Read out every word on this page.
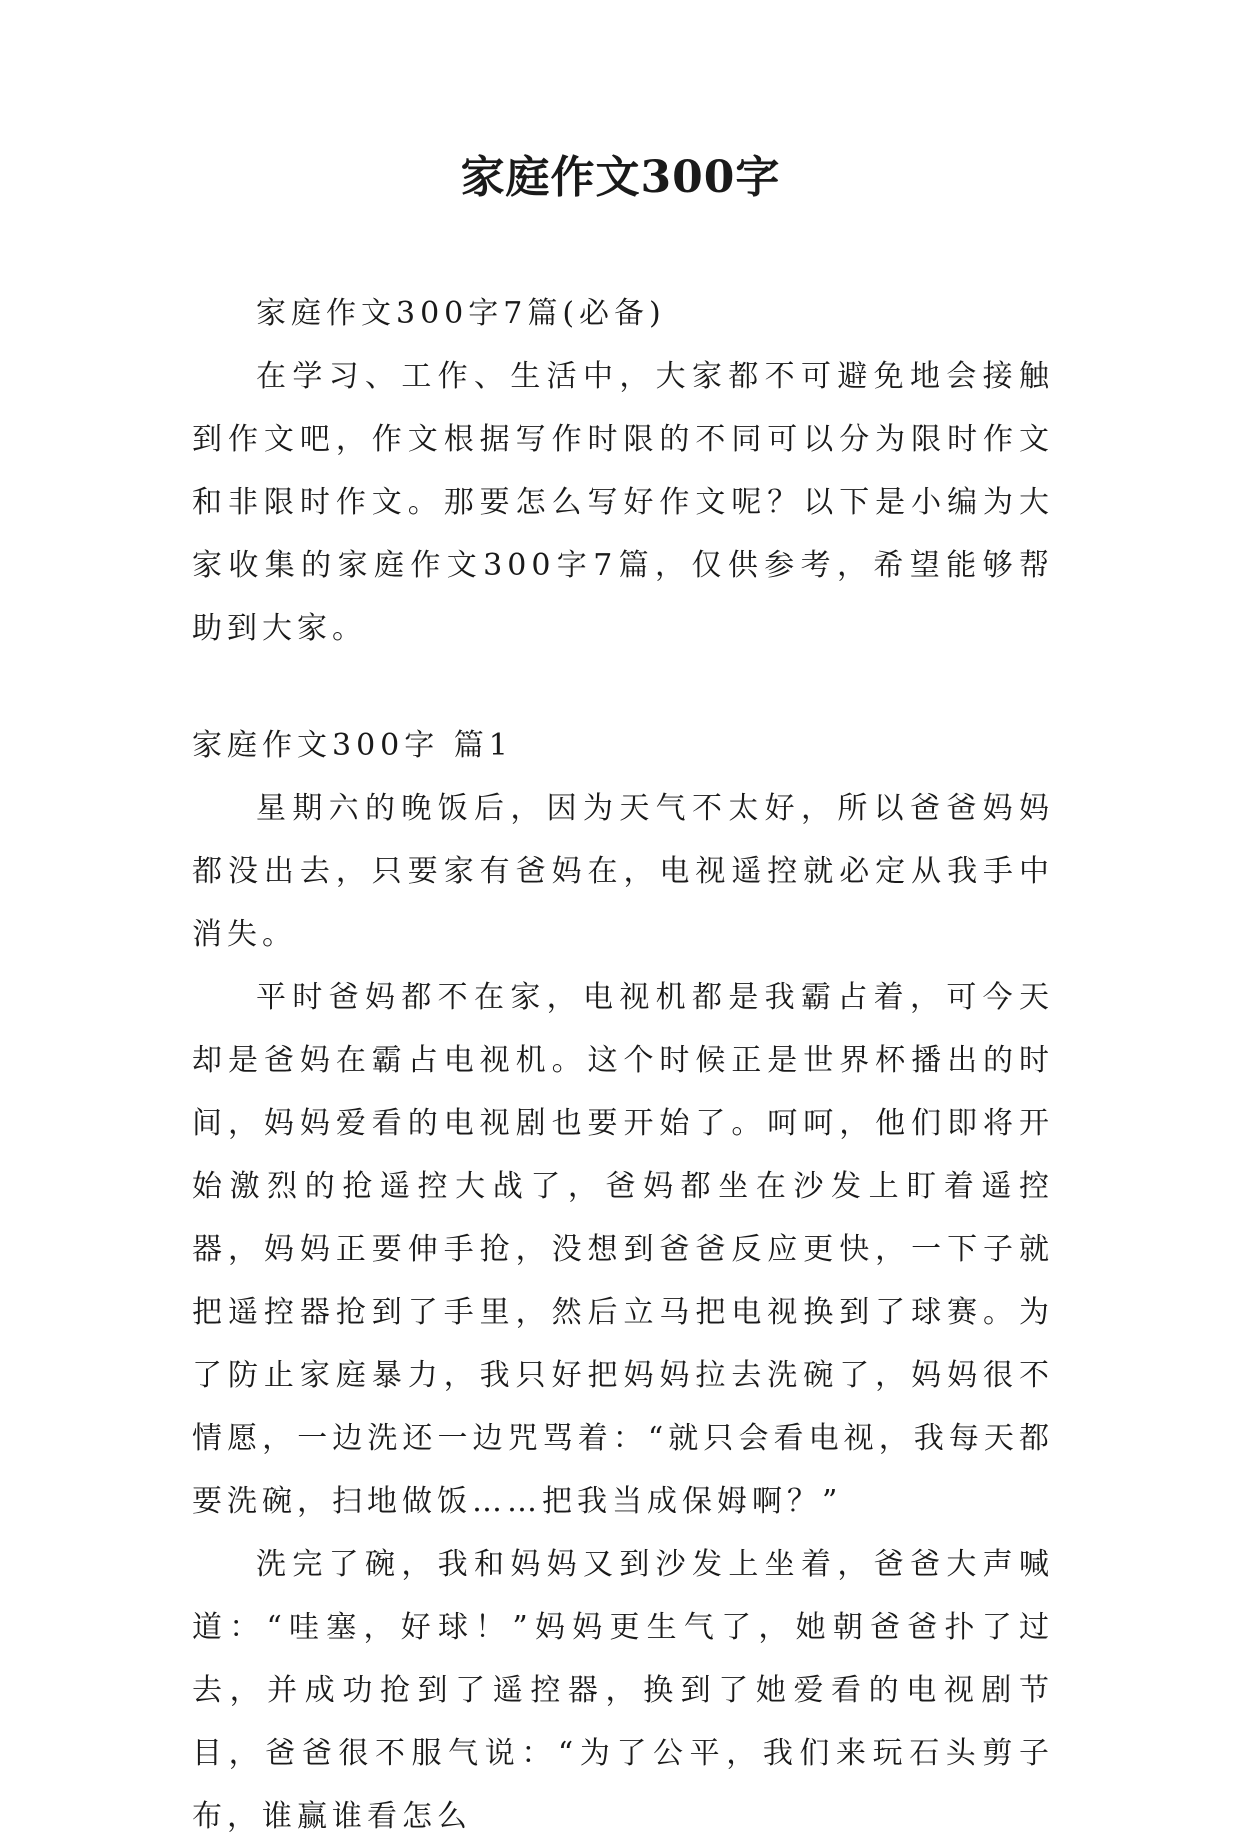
家庭作文300字

家庭作文300字7篇(必备)

在学习、工作、生活中，大家都不可避免地会接触到作文吧，作文根据写作时限的不同可以分为限时作文和非限时作文。那要怎么写好作文呢？以下是小编为大家收集的家庭作文300字7篇，仅供参考，希望能够帮助到大家。

家庭作文300字 篇1

星期六的晚饭后，因为天气不太好，所以爸爸妈妈都没出去，只要家有爸妈在，电视遥控就必定从我手中消失。

平时爸妈都不在家，电视机都是我霸占着，可今天却是爸妈在霸占电视机。这个时候正是世界杯播出的时间，妈妈爱看的电视剧也要开始了。呵呵，他们即将开始激烈的抢遥控大战了，爸妈都坐在沙发上盯着遥控器，妈妈正要伸手抢，没想到爸爸反应更快，一下子就把遥控器抢到了手里，然后立马把电视换到了球赛。为了防止家庭暴力，我只好把妈妈拉去洗碗了，妈妈很不情愿，一边洗还一边咒骂着：“就只会看电视，我每天都要洗碗，扫地做饭……把我当成保姆啊？”

洗完了碗，我和妈妈又到沙发上坐着，爸爸大声喊道：“哇塞，好球！”妈妈更生气了，她朝爸爸扑了过去，并成功抢到了遥控器，换到了她爱看的电视剧节目，爸爸很不服气说：“为了公平，我们来玩石头剪子布，谁赢谁看怎么
